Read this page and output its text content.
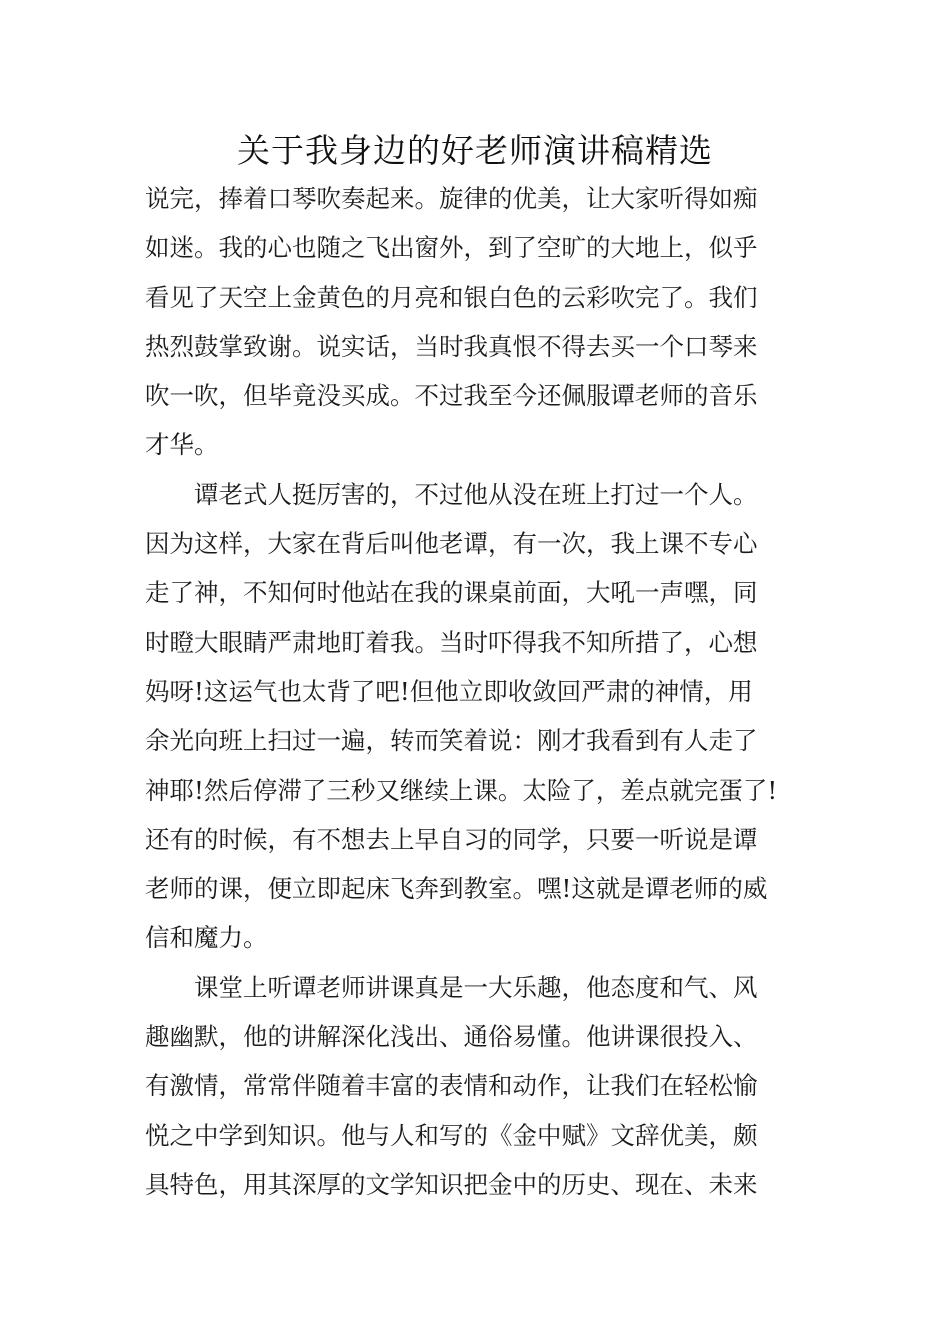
关于我身边的好老师演讲稿精选
说完，捧着口琴吹奏起来。旋律的优美，让大家听得如痴
如迷。我的心也随之飞出窗外，到了空旷的大地上，似乎
看见了天空上金黄色的月亮和银白色的云彩吹完了。我们
热烈鼓掌致谢。说实话，当时我真恨不得去买一个口琴来
吹一吹，但毕竟没买成。不过我至今还佩服谭老师的音乐
才华。
谭老式人挺厉害的，不过他从没在班上打过一个人。
因为这样，大家在背后叫他老谭，有一次，我上课不专心
走了神，不知何时他站在我的课桌前面，大吼一声嘿，同
时瞪大眼睛严肃地盯着我。当时吓得我不知所措了，心想
妈呀!这运气也太背了吧!但他立即收敛回严肃的神情，用
余光向班上扫过一遍，转而笑着说：刚才我看到有人走了
神耶!然后停滞了三秒又继续上课。太险了，差点就完蛋了!
还有的时候，有不想去上早自习的同学，只要一听说是谭
老师的课，便立即起床飞奔到教室。嘿!这就是谭老师的威
信和魔力。
课堂上听谭老师讲课真是一大乐趣，他态度和气、风
趣幽默，他的讲解深化浅出、通俗易懂。他讲课很投入、
有激情，常常伴随着丰富的表情和动作，让我们在轻松愉
悦之中学到知识。他与人和写的《金中赋》文辞优美，颇
具特色，用其深厚的文学知识把金中的历史、现在、未来
